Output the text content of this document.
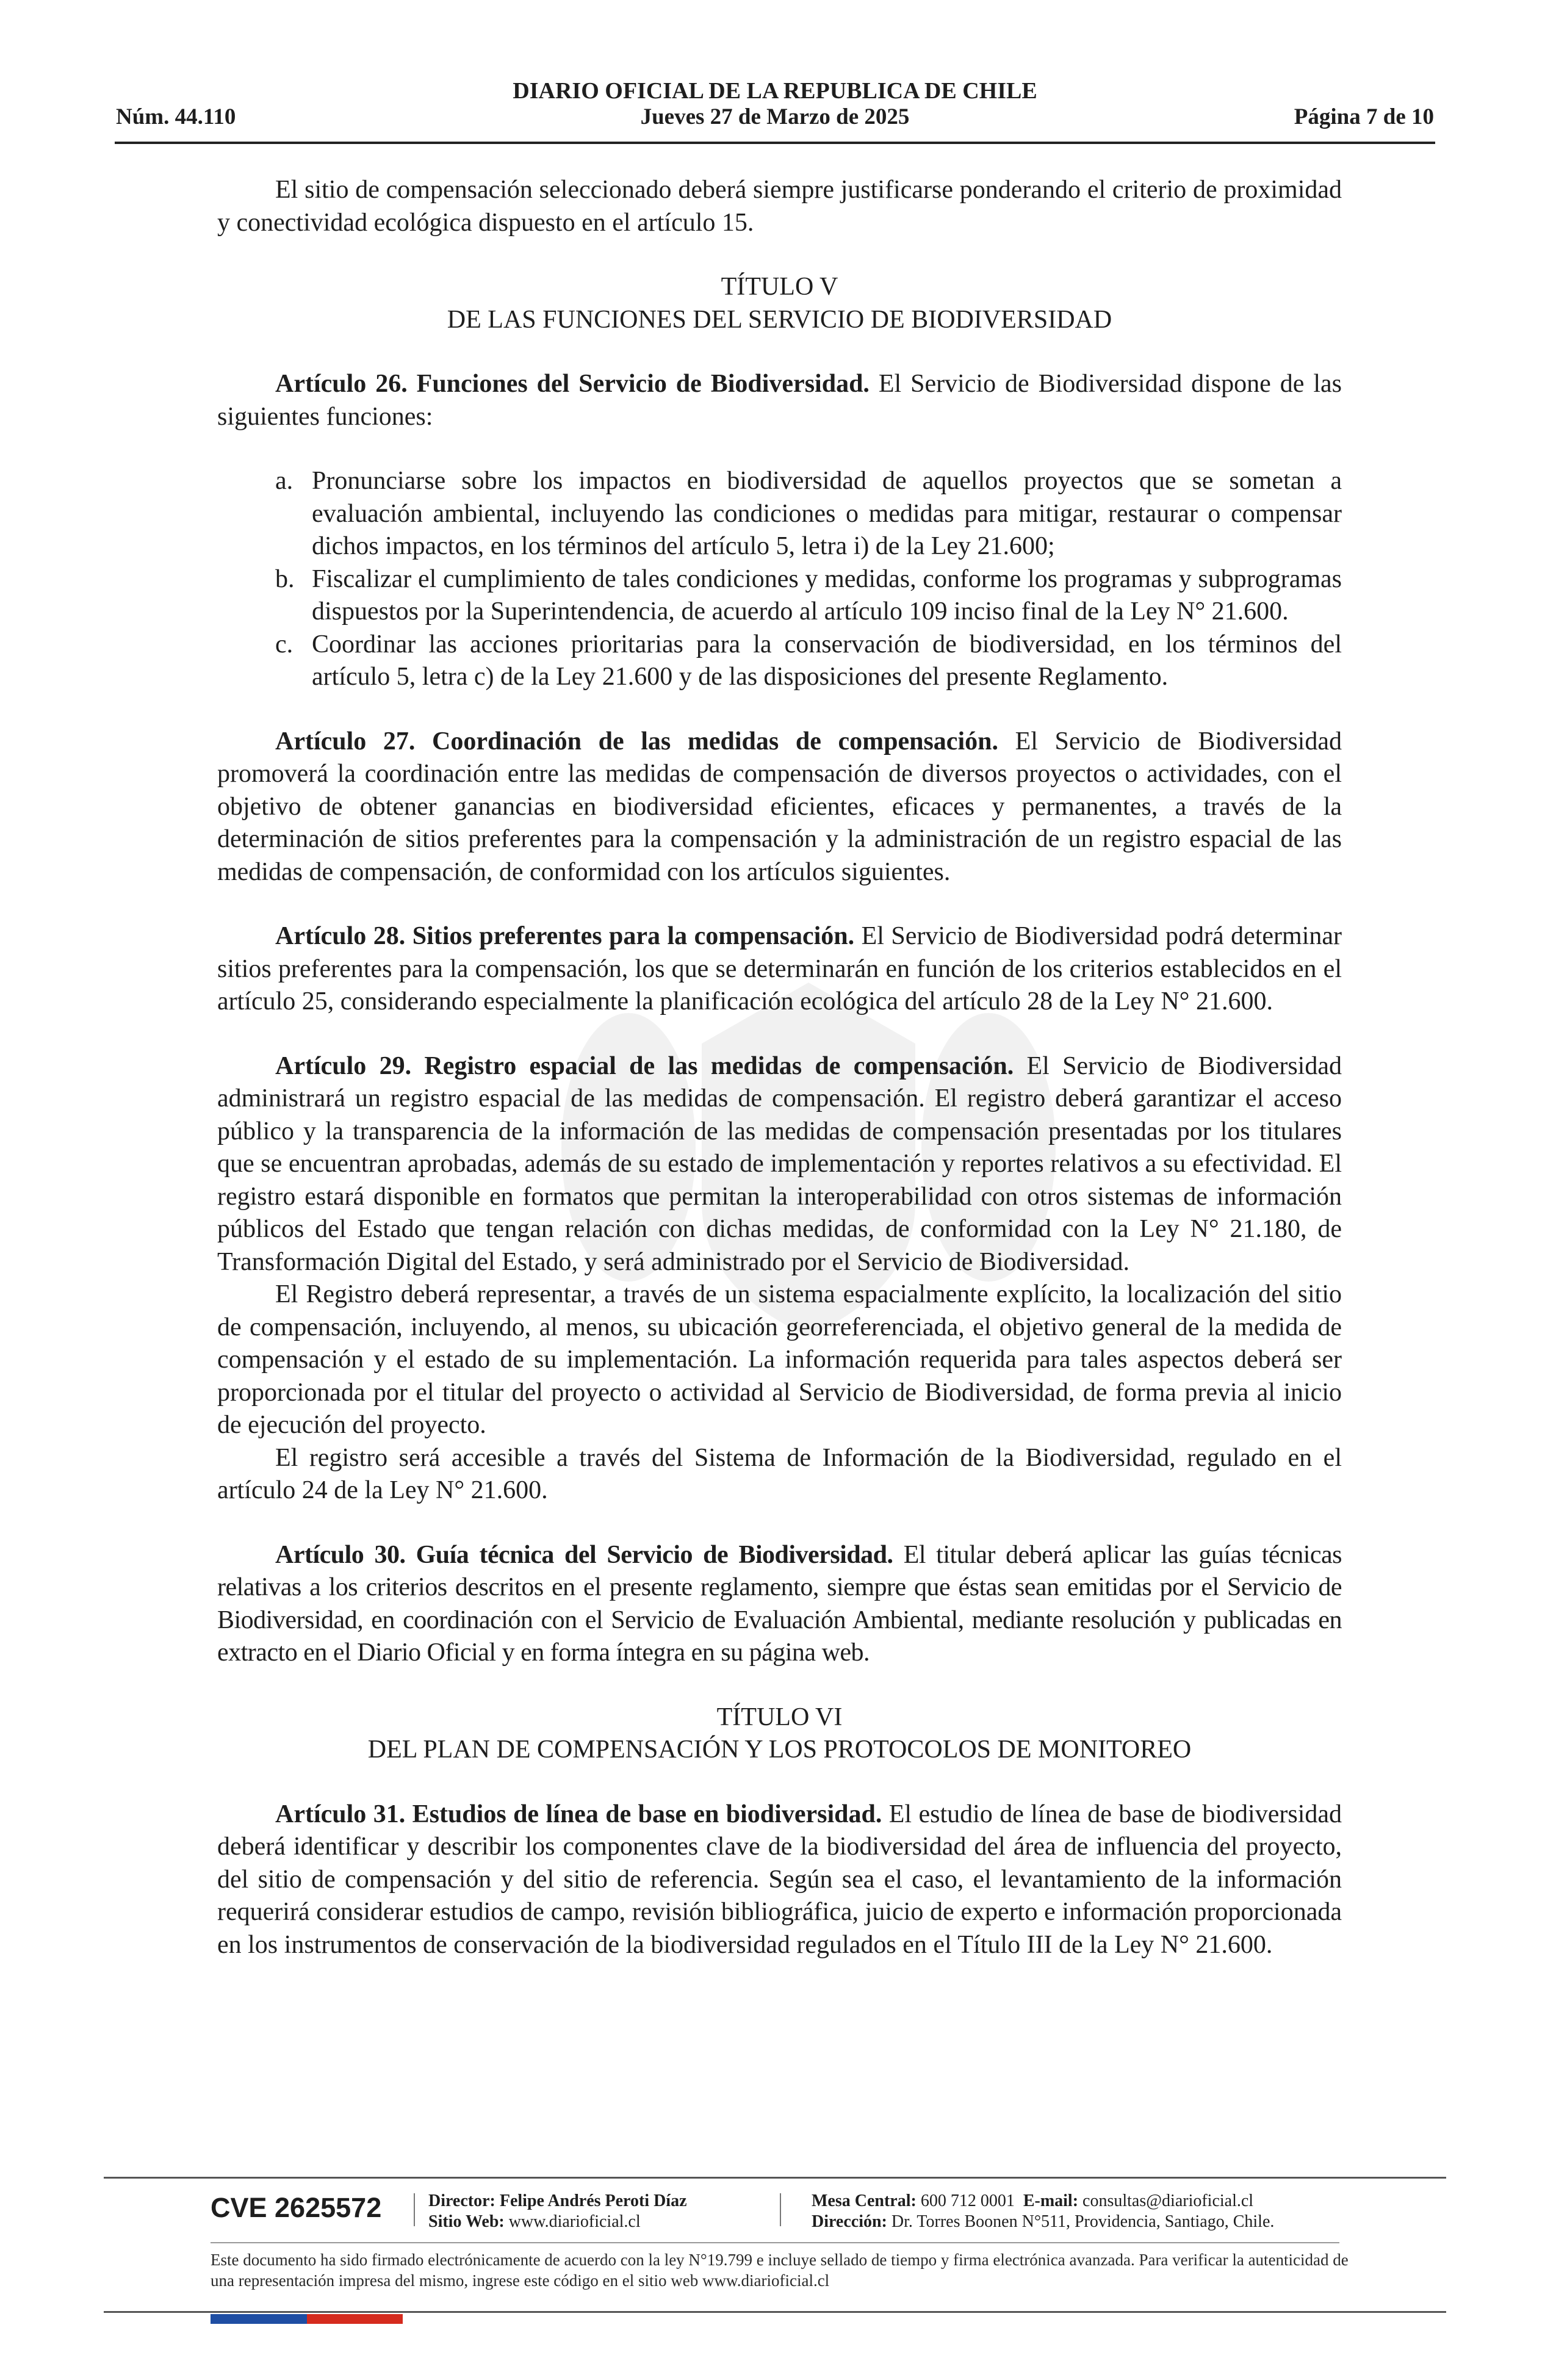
Núm. 44.110
DIARIO OFICIAL DE LA REPUBLICA DE CHILE
Jueves 27 de Marzo de 2025	Página 7 de 10

El sitio de compensación seleccionado deberá siempre justificarse ponderando el criterio de proximidad y conectividad ecológica dispuesto en el artículo 15.

TÍTULO V

DE LAS FUNCIONES DEL SERVICIO DE BIODIVERSIDAD

Artículo 26. Funciones del Servicio de Biodiversidad. El Servicio de Biodiversidad dispone de las siguientes funciones:

a. Pronunciarse sobre los impactos en biodiversidad de aquellos proyectos que se sometan a evaluación ambiental, incluyendo las condiciones o medidas para mitigar, restaurar o compensar dichos impactos, en los términos del artículo 5, letra i) de la Ley 21.600;
b. Fiscalizar el cumplimiento de tales condiciones y medidas, conforme los programas y subprogramas dispuestos por la Superintendencia, de acuerdo al artículo 109 inciso final de la Ley N° 21.600.
c. Coordinar las acciones prioritarias para la conservación de biodiversidad, en los términos del artículo 5, letra c) de la Ley 21.600 y de las disposiciones del presente Reglamento.

Artículo 27. Coordinación de las medidas de compensación. El Servicio de Biodiversidad promoverá la coordinación entre las medidas de compensación de diversos proyectos o actividades, con el objetivo de obtener ganancias en biodiversidad eficientes, eficaces y permanentes, a través de la determinación de sitios preferentes para la compensación y la administración de un registro espacial de las medidas de compensación, de conformidad con los artículos siguientes.

Artículo 28. Sitios preferentes para la compensación. El Servicio de Biodiversidad podrá determinar sitios preferentes para la compensación, los que se determinarán en función de los criterios establecidos en el artículo 25, considerando especialmente la planificación ecológica del artículo 28 de la Ley N° 21.600.

Artículo 29. Registro espacial de las medidas de compensación. El Servicio de Biodiversidad administrará un registro espacial de las medidas de compensación. El registro deberá garantizar el acceso público y la transparencia de la información de las medidas de compensación presentadas por los titulares que se encuentran aprobadas, además de su estado de implementación y reportes relativos a su efectividad. El registro estará disponible en formatos que permitan la interoperabilidad con otros sistemas de información públicos del Estado que tengan relación con dichas medidas, de conformidad con la Ley N° 21.180, de Transformación Digital del Estado, y será administrado por el Servicio de Biodiversidad.

El Registro deberá representar, a través de un sistema espacialmente explícito, la localización del sitio de compensación, incluyendo, al menos, su ubicación georreferenciada, el objetivo general de la medida de compensación y el estado de su implementación. La información requerida para tales aspectos deberá ser proporcionada por el titular del proyecto o actividad al Servicio de Biodiversidad, de forma previa al inicio de ejecución del proyecto.

El registro será accesible a través del Sistema de Información de la Biodiversidad, regulado en el artículo 24 de la Ley N° 21.600.

Artículo 30. Guía técnica del Servicio de Biodiversidad. El titular deberá aplicar las guías técnicas relativas a los criterios descritos en el presente reglamento, siempre que éstas sean emitidas por el Servicio de Biodiversidad, en coordinación con el Servicio de Evaluación Ambiental, mediante resolución y publicadas en extracto en el Diario Oficial y en forma íntegra en su página web.

TÍTULO VI

DEL PLAN DE COMPENSACIÓN Y LOS PROTOCOLOS DE MONITOREO

Artículo 31. Estudios de línea de base en biodiversidad. El estudio de línea de base de biodiversidad deberá identificar y describir los componentes clave de la biodiversidad del área de influencia del proyecto, del sitio de compensación y del sitio de referencia. Según sea el caso, el levantamiento de la información requerirá considerar estudios de campo, revisión bibliográfica, juicio de experto e información proporcionada en los instrumentos de conservación de la biodiversidad regulados en el Título III de la Ley N° 21.600.

CVE 2625572	Director: Felipe Andrés Peroti Díaz
Sitio Web: www.diarioficial.cl
Mesa Central: 600 712 0001 E-mail: consultas@diarioficial.cl
Dirección: Dr. Torres Boonen N°511, Providencia, Santiago, Chile.
Este documento ha sido firmado electrónicamente de acuerdo con la ley N°19.799 e incluye sellado de tiempo y firma electrónica avanzada. Para verificar la autenticidad de una representación impresa del mismo, ingrese este código en el sitio web www.diarioficial.cl
